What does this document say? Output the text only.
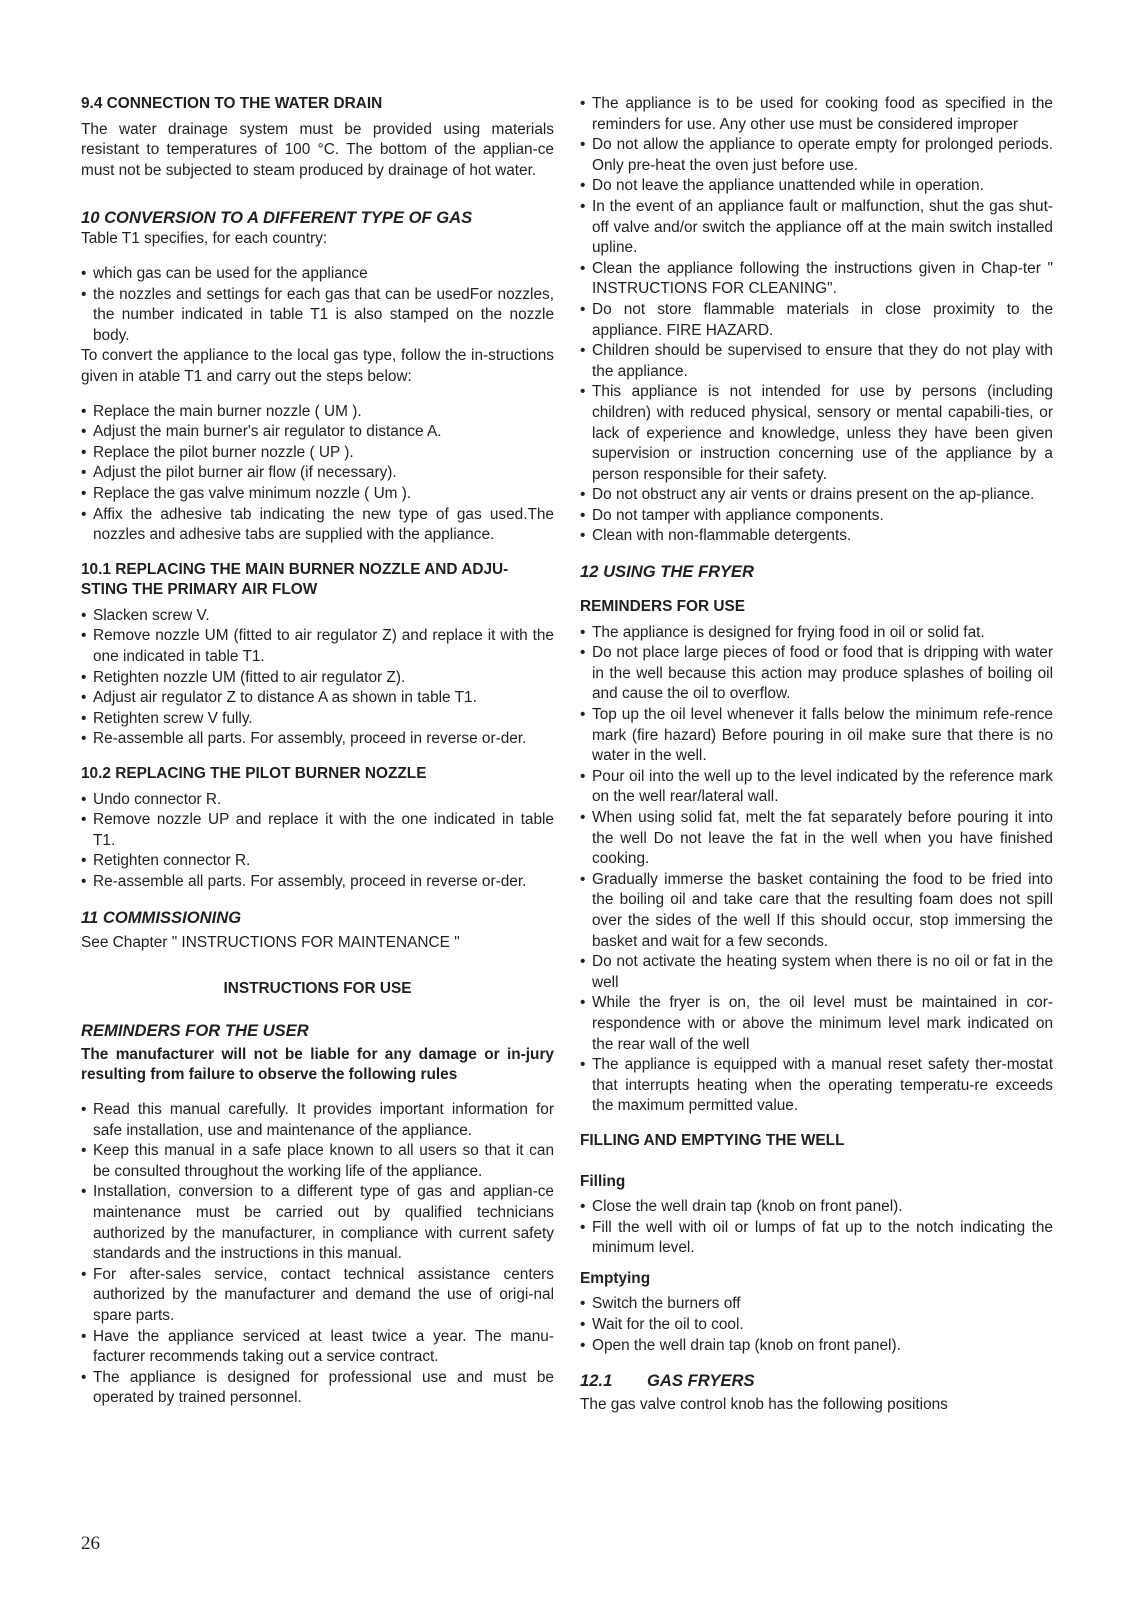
9.4 CONNECTION TO THE WATER DRAIN

The water drainage system must be provided using materials resistant to temperatures of 100 °C. The bottom of the applian-ce must not be subjected to steam produced by drainage of hot water.

10 CONVERSION TO A DIFFERENT TYPE OF GAS

Table T1 specifies, for each country:

• which gas can be used for the appliance
• the nozzles and settings for each gas that can be usedFor nozzles, the number indicated in table T1 is also stamped on the nozzle body.

To convert the appliance to the local gas type, follow the in-structions given in atable T1 and carry out the steps below:

• Replace the main burner nozzle ( UM ).
• Adjust the main burner's air regulator to distance A.
• Replace the pilot burner nozzle ( UP ).
• Adjust the pilot burner air flow (if necessary).
• Replace the gas valve minimum nozzle ( Um ).
• Affix the adhesive tab indicating the new type of gas used.The nozzles and adhesive tabs are supplied with the appliance.
10.1 REPLACING THE MAIN BURNER NOZZLE AND ADJU-STING THE PRIMARY AIR FLOW
• Slacken screw V.
• Remove nozzle UM (fitted to air regulator Z) and replace it with the one indicated in table T1.
• Retighten nozzle UM (fitted to air regulator Z).
• Adjust air regulator Z to distance A as shown in table T1.
• Retighten screw V fully.
• Re-assemble all parts. For assembly, proceed in reverse or-der.
10.2 REPLACING THE PILOT BURNER NOZZLE
• Undo connector R.
• Remove nozzle UP and replace it with the one indicated in table T1.
• Retighten connector R.
• Re-assemble all parts. For assembly, proceed in reverse or-der.
11 COMMISSIONING

See Chapter " INSTRUCTIONS FOR MAINTENANCE "

INSTRUCTIONS FOR USE
REMINDERS FOR THE USER
The manufacturer will not be liable for any damage or in-jury resulting from failure to observe the following rules
• Read this manual carefully. It provides important information for safe installation, use and maintenance of the appliance.
• Keep this manual in a safe place known to all users so that it can be consulted throughout the working life of the appliance.
• Installation, conversion to a different type of gas and applian-ce maintenance must be carried out by qualified technicians authorized by the manufacturer, in compliance with current safety standards and the instructions in this manual.
• For after-sales service, contact technical assistance centers authorized by the manufacturer and demand the use of origi-nal spare parts.
• Have the appliance serviced at least twice a year. The manu-facturer recommends taking out a service contract.
• The appliance is designed for professional use and must be operated by trained personnel.
• The appliance is to be used for cooking food as specified in the reminders for use. Any other use must be considered improper
• Do not allow the appliance to operate empty for prolonged periods. Only pre-heat the oven just before use.
• Do not leave the appliance unattended while in operation.
• In the event of an appliance fault or malfunction, shut the gas shut-off valve and/or switch the appliance off at the main switch installed upline.
• Clean the appliance following the instructions given in Chap-ter " INSTRUCTIONS FOR CLEANING".
• Do not store flammable materials in close proximity to the appliance. FIRE HAZARD.
• Children should be supervised to ensure that they do not play with the appliance.
• This appliance is not intended for use by persons (including children) with reduced physical, sensory or mental capabili-ties, or lack of experience and knowledge, unless they have been given supervision or instruction concerning use of the appliance by a person responsible for their safety.
• Do not obstruct any air vents or drains present on the ap-pliance.
• Do not tamper with appliance components.
• Clean with non-flammable detergents.
12 USING THE FRYER
REMINDERS FOR USE
• The appliance is designed for frying food in oil or solid fat.
• Do not place large pieces of food or food that is dripping with water in the well because this action may produce splashes of boiling oil and cause the oil to overflow.
• Top up the oil level whenever it falls below the minimum refe-rence mark (fire hazard) Before pouring in oil make sure that there is no water in the well.
• Pour oil into the well up to the level indicated by the reference mark on the well rear/lateral wall.
• When using solid fat, melt the fat separately before pouring it into the well Do not leave the fat in the well when you have finished cooking.
• Gradually immerse the basket containing the food to be fried into the boiling oil and take care that the resulting foam does not spill over the sides of the well If this should occur, stop immersing the basket and wait for a few seconds.
• Do not activate the heating system when there is no oil or fat in the well
• While the fryer is on, the oil level must be maintained in cor-respondence with or above the minimum level mark indicated on the rear wall of the well
• The appliance is equipped with a manual reset safety ther-mostat that interrupts heating when the operating temperatu-re exceeds the maximum permitted value.
FILLING AND EMPTYING THE WELL
Filling
• Close the well drain tap (knob on front panel).
• Fill the well with oil or lumps of fat up to the notch indicating the minimum level.
Emptying
• Switch the burners off
• Wait for the oil to cool.
• Open the well drain tap (knob on front panel).
12.1 GAS FRYERS

The gas valve control knob has the following positions

26
